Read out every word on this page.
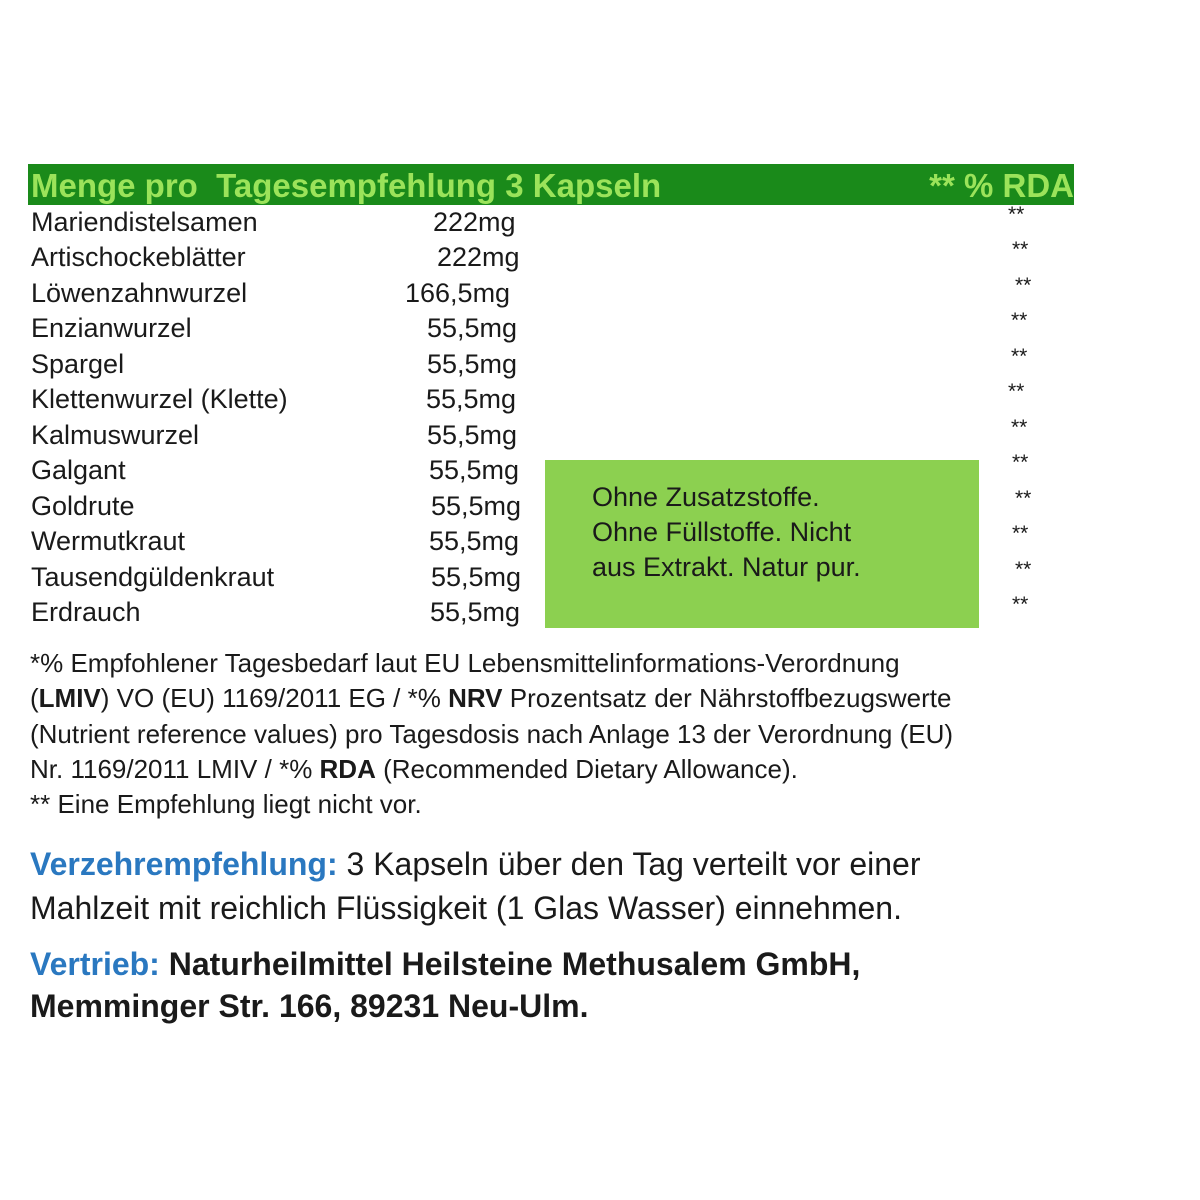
Menge pro  Tagesempfehlung 3 Kapseln

	** % RDA

Mariendistelsamen	222mg	**
Artischockeblätter	222mg	**
Löwenzahnwurzel	166,5mg	**
Enzianwurzel	55,5mg	**
Spargel	55,5mg	**
Klettenwurzel (Klette)	55,5mg	**
Kalmuswurzel	55,5mg	**
Galgant	55,5mg	**
Goldrute	55,5mg	**
Wermutkraut	55,5mg	**
Tausendgüldenkraut	55,5mg	**
Erdrauch	55,5mg	**
Ohne Zusatzstoffe.
Ohne Füllstoffe. Nicht
aus Extrakt. Natur pur.
*% Empfohlener Tagesbedarf laut EU Lebensmittelinformations-Verordnung
(LMIV) VO (EU) 1169/2011 EG / *% NRV Prozentsatz der Nährstoffbezugswerte
(Nutrient reference values) pro Tagesdosis nach Anlage 13 der Verordnung (EU)
Nr. 1169/2011 LMIV / *% RDA (Recommended Dietary Allowance).
** Eine Empfehlung liegt nicht vor.
Verzehrempfehlung: 3 Kapseln über den Tag verteilt vor einer
Mahlzeit mit reichlich Flüssigkeit (1 Glas Wasser) einnehmen.
Vertrieb: Naturheilmittel Heilsteine Methusalem GmbH,
Memminger Str. 166, 89231 Neu-Ulm.
